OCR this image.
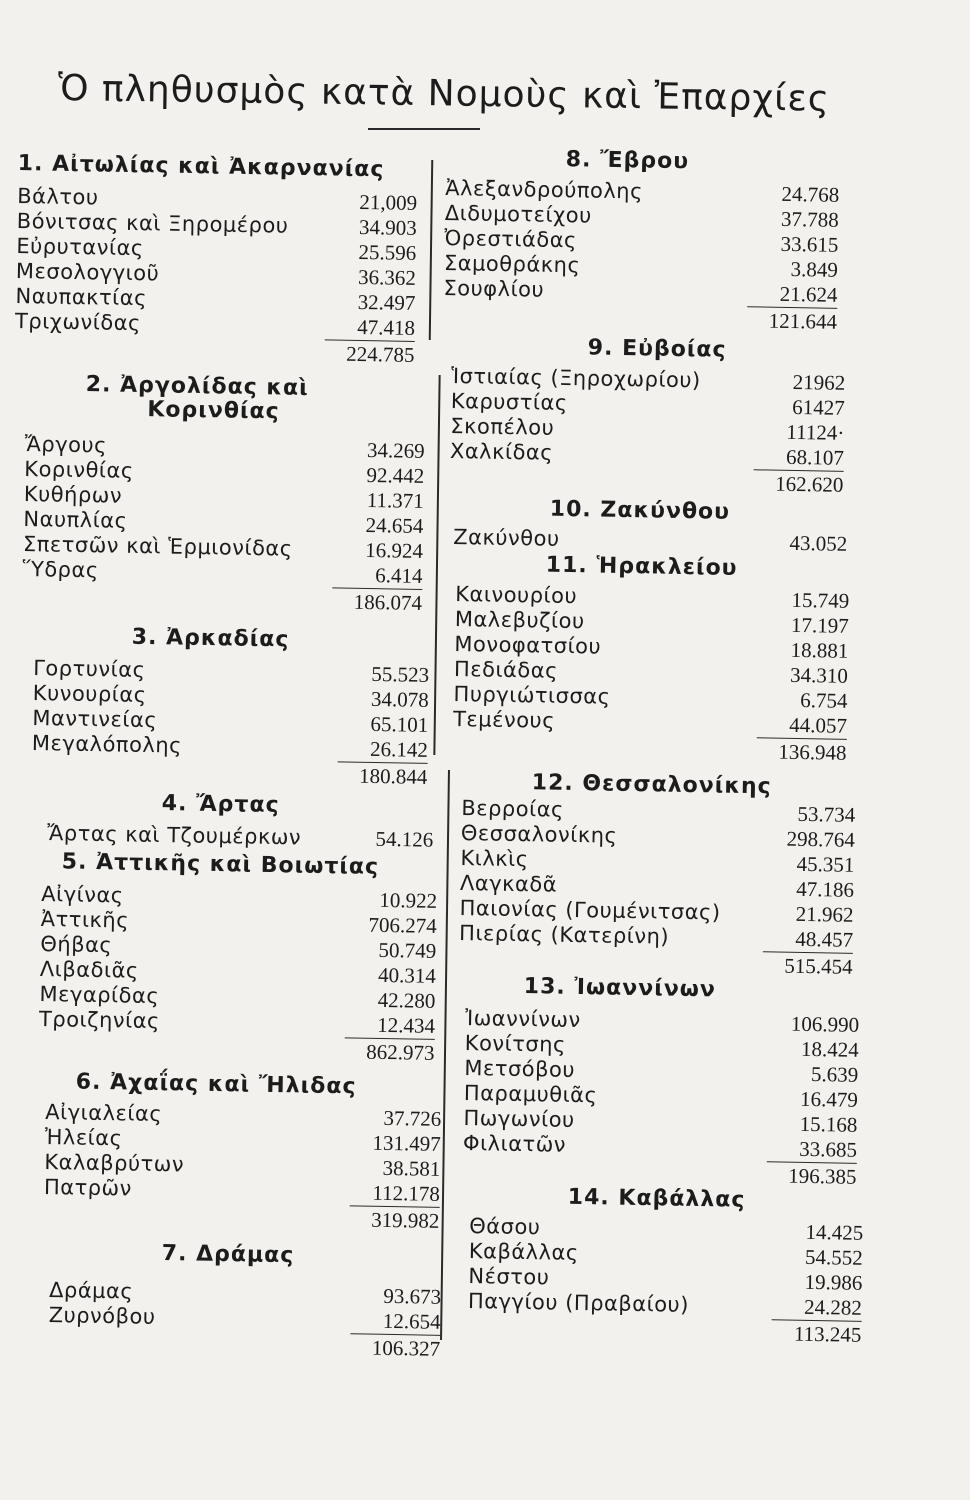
Ὁ πληθυσμὸς κατὰ Νομοὺς καὶ Ἐπαρχίες
1. Αἰτωλίας καὶ Ἀκαρνανίας
Βάλτου	21,009
Βόνιτσας καὶ Ξηρομέρου	34.903
Εὐρυτανίας	25.596
Μεσολογγιοῦ	36.362
Ναυπακτίας	32.497
Τριχωνίδας	47.418
224.785
2. Ἀργολίδας καὶ
Κορινθίας
Ἄργους	34.269
Κορινθίας	92.442
Κυθήρων	11.371
Ναυπλίας	24.654
Σπετσῶν καὶ Ἑρμιονίδας	16.924
Ὕδρας	6.414
186.074
3. Ἀρκαδίας
Γορτυνίας	55.523
Κυνουρίας	34.078
Μαντινείας	65.101
Μεγαλόπολης	26.142
180.844
4. Ἄρτας
Ἄρτας καὶ Τζουμέρκων	54.126
5. Ἀττικῆς καὶ Βοιωτίας
Αἰγίνας	10.922
Ἀττικῆς	706.274
Θήβας	50.749
Λιβαδιᾶς	40.314
Μεγαρίδας	42.280
Τροιζηνίας	12.434
862.973
6. Ἀχαΐας καὶ Ἤλιδας
Αἰγιαλείας	37.726
Ἠλείας	131.497
Καλαβρύτων	38.581
Πατρῶν	112.178
319.982
7. Δράμας
Δράμας	93.673
Ζυρνόβου	12.654
106.327
8. Ἔβρου
Ἀλεξανδρούπολης	24.768
Διδυμοτείχου	37.788
Ὀρεστιάδας	33.615
Σαμοθράκης	3.849
Σουφλίου	21.624
121.644
9. Εὐβοίας
Ἱστιαίας (Ξηροχωρίου)	21962
Καρυστίας	61427
Σκοπέλου	11124·
Χαλκίδας	68.107
162.620
10. Ζακύνθου
Ζακύνθου	43.052
11. Ἡρακλείου
Καινουρίου	15.749
Μαλεβυζίου	17.197
Μονοφατσίου	18.881
Πεδιάδας	34.310
Πυργιώτισσας	6.754
Τεμένους	44.057
136.948
12. Θεσσαλονίκης
Βερροίας	53.734
Θεσσαλονίκης	298.764
Κιλκὶς	45.351
Λαγκαδᾶ	47.186
Παιονίας (Γουμένιτσας)	21.962
Πιερίας (Κατερίνη)	48.457
515.454
13. Ἰωαννίνων
Ἰωαννίνων	106.990
Κονίτσης	18.424
Μετσόβου	5.639
Παραμυθιᾶς	16.479
Πωγωνίου	15.168
Φιλιατῶν	33.685
196.385
14. Καβάλλας
Θάσου	14.425
Καβάλλας	54.552
Νέστου	19.986
Παγγίου (Πραβαίου)	24.282
113.245
